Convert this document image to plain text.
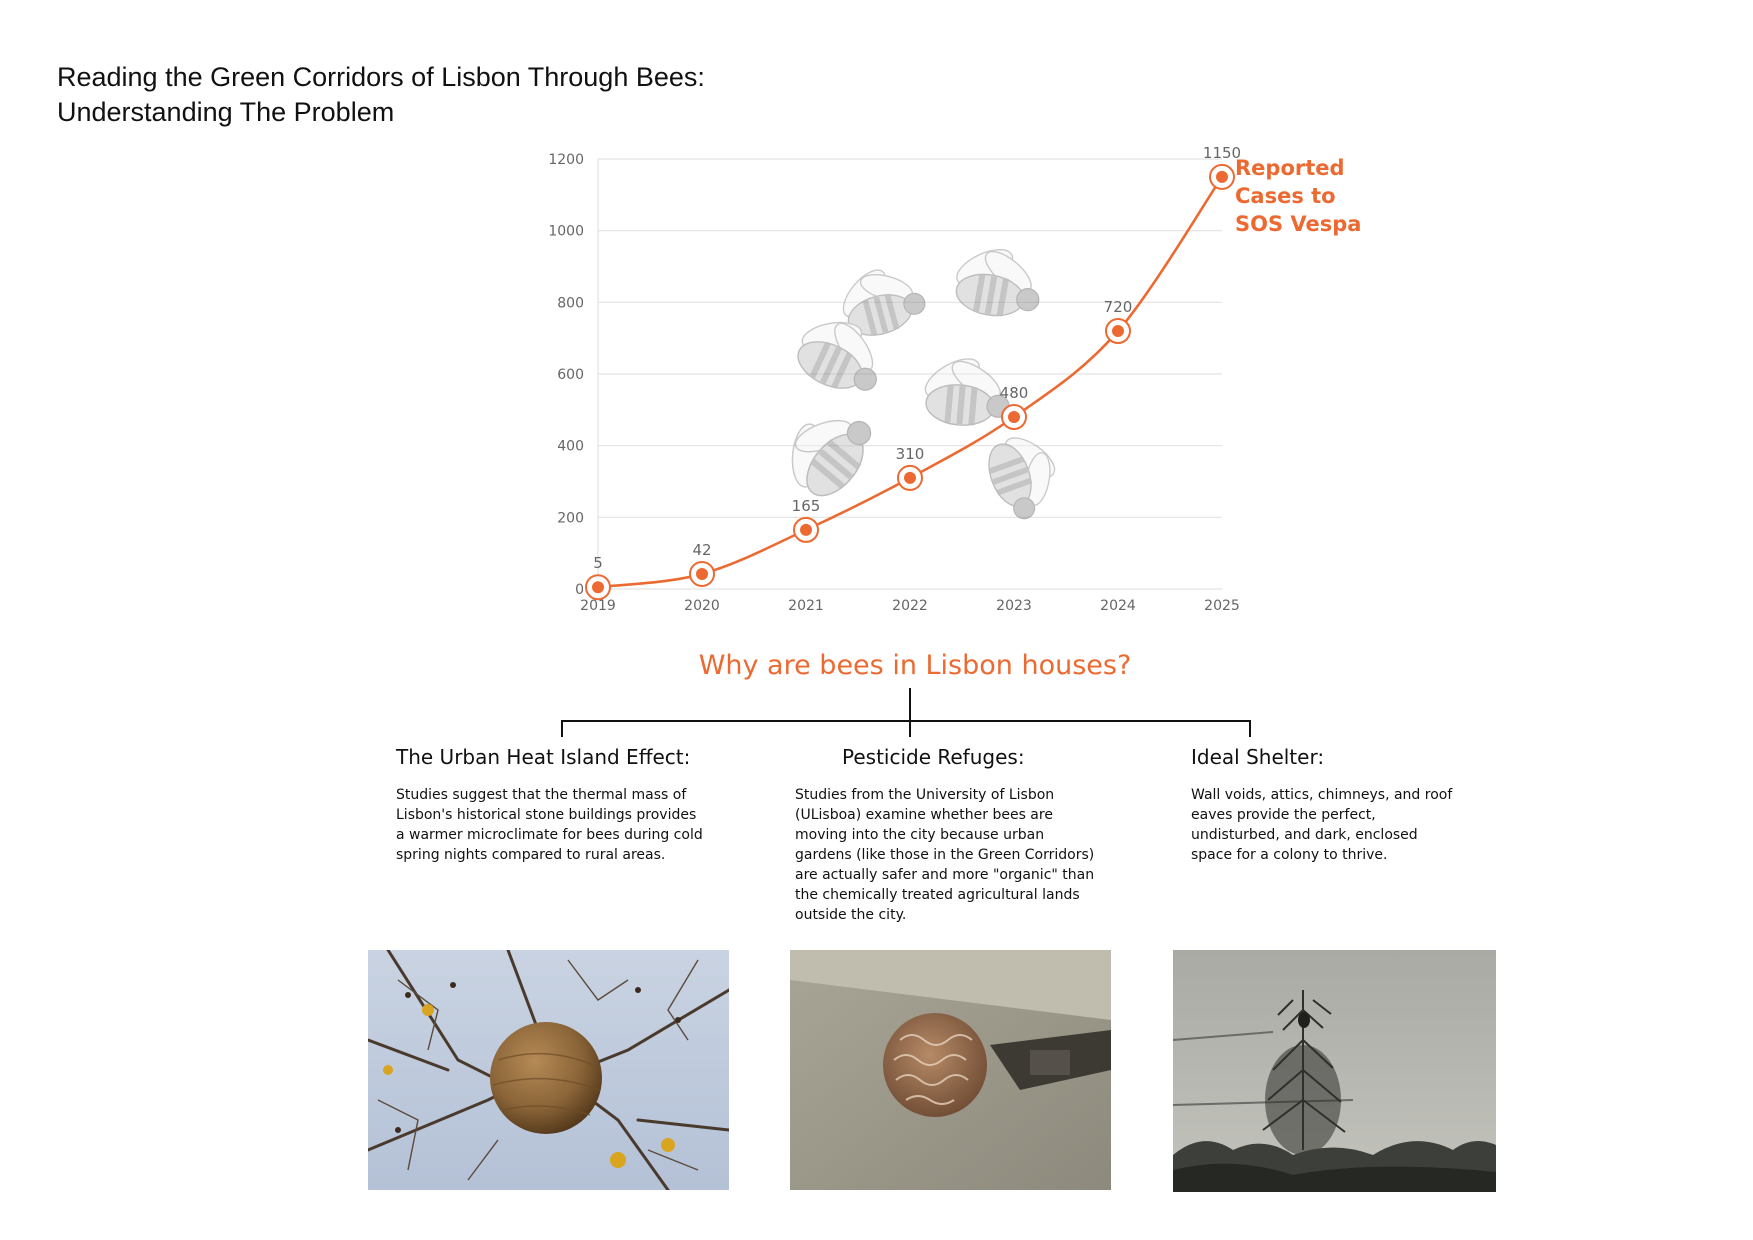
Reading the Green Corridors of Lisbon Through Bees:
Understanding The Problem
0
200
400
600
800
1000
1200
2019	2020	2021	2022	2023	2024	2025
5
42
165
310
480
720
1150
Reported
Cases to
SOS Vespa
Why are bees in Lisbon houses?
The Urban Heat Island Effect:	Pesticide Refuges:	Ideal Shelter:
Studies suggest that the thermal mass of
Lisbon's historical stone buildings provides
a warmer microclimate for bees during cold
spring nights compared to rural areas.
Studies from the University of Lisbon
(ULisboa) examine whether bees are
moving into the city because urban
gardens (like those in the Green Corridors)
are actually safer and more "organic" than
the chemically treated agricultural lands
outside the city.
Wall voids, attics, chimneys, and roof
eaves provide the perfect,
undisturbed, and dark, enclosed
space for a colony to thrive.
